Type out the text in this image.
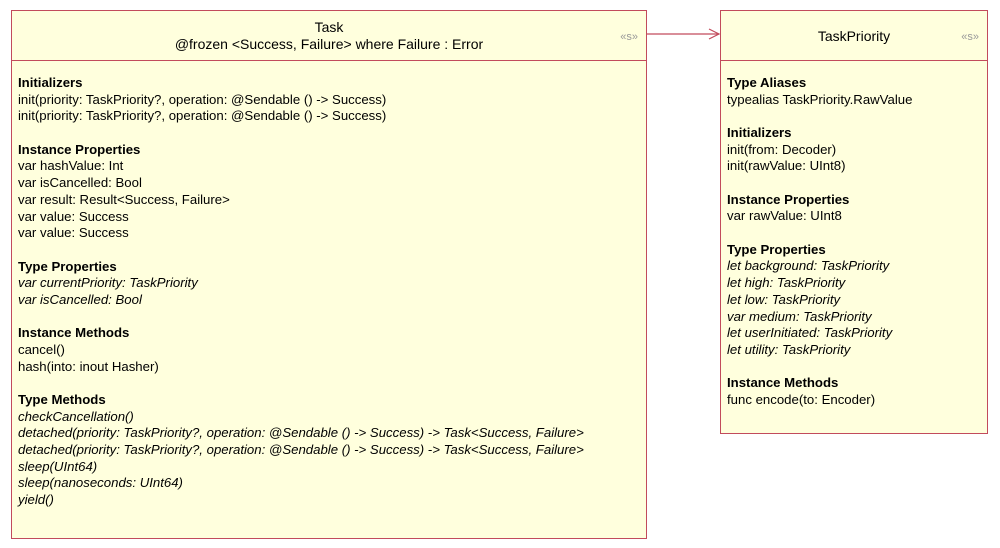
Task
@frozen <Success, Failure> where Failure : Error	«s»
Initializers
init(priority: TaskPriority?, operation: @Sendable () -> Success)
init(priority: TaskPriority?, operation: @Sendable () -> Success)
Instance Properties
var hashValue: Int
var isCancelled: Bool
var result: Result<Success, Failure>
var value: Success
var value: Success
Type Properties
var currentPriority: TaskPriority
var isCancelled: Bool
Instance Methods
cancel()
hash(into: inout Hasher)
Type Methods
checkCancellation()
detached(priority: TaskPriority?, operation: @Sendable () -> Success) -> Task<Success, Failure>
detached(priority: TaskPriority?, operation: @Sendable () -> Success) -> Task<Success, Failure>
sleep(UInt64)
sleep(nanoseconds: UInt64)
yield()
TaskPriority	«s»
Type Aliases
typealias TaskPriority.RawValue
Initializers
init(from: Decoder)
init(rawValue: UInt8)
Instance Properties
var rawValue: UInt8
Type Properties
let background: TaskPriority
let high: TaskPriority
let low: TaskPriority
var medium: TaskPriority
let userInitiated: TaskPriority
let utility: TaskPriority
Instance Methods
func encode(to: Encoder)
